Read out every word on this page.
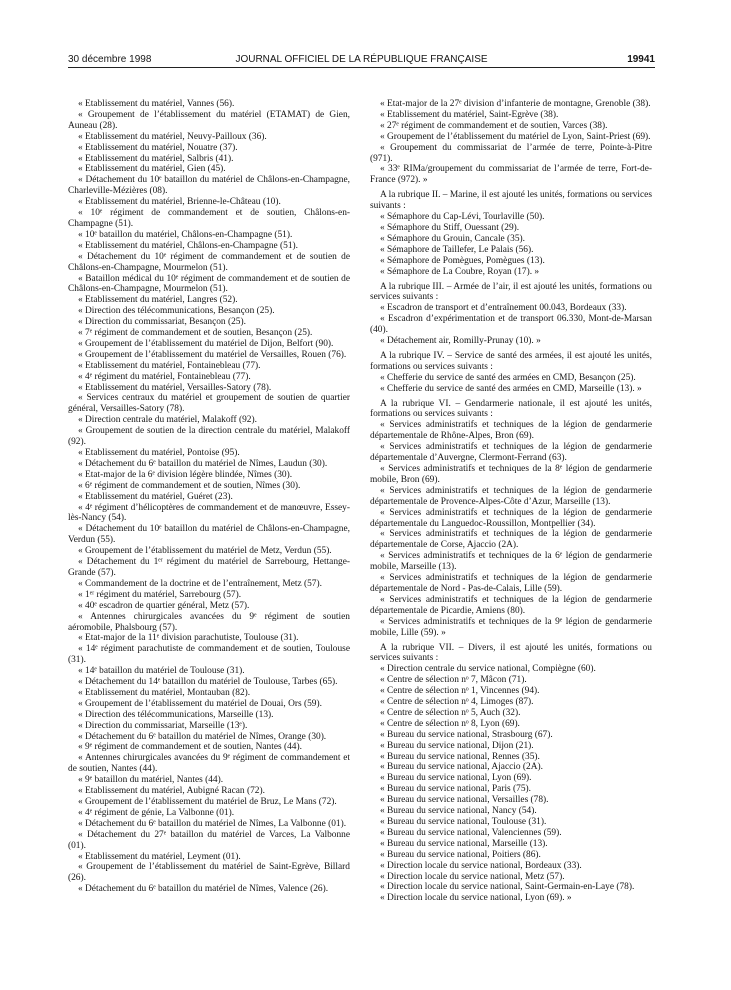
30 décembre 1998	JOURNAL OFFICIEL DE LA RÉPUBLIQUE FRANÇAISE	19941

« Etablissement du matériel, Vannes (56).

« Groupement de l’établissement du matériel (ETAMAT) de Gien, Auneau (28).

« Etablissement du matériel, Neuvy-Pailloux (36).

« Etablissement du matériel, Nouatre (37).

« Etablissement du matériel, Salbris (41).

« Etablissement du matériel, Gien (45).

« Détachement du 10ᵉ bataillon du matériel de Châlons-en-Champagne, Charleville-Mézières (08).

« Etablissement du matériel, Brienne-le-Château (10).

« 10ᵉ régiment de commandement et de soutien, Châlons-en-Champagne (51).

« 10ᵉ bataillon du matériel, Châlons-en-Champagne (51).

« Etablissement du matériel, Châlons-en-Champagne (51).

« Détachement du 10ᵉ régiment de commandement et de soutien de Châlons-en-Champagne, Mourmelon (51).

« Bataillon médical du 10ᵉ régiment de commandement et de soutien de Châlons-en-Champagne, Mourmelon (51).

« Etablissement du matériel, Langres (52).

« Direction des télécommunications, Besançon (25).

« Direction du commissariat, Besançon (25).

« 7ᵉ régiment de commandement et de soutien, Besançon (25).

« Groupement de l’établissement du matériel de Dijon, Belfort (90).

« Groupement de l’établissement du matériel de Versailles, Rouen (76).

« Etablissement du matériel, Fontainebleau (77).

« 4ᵉ régiment du matériel, Fontainebleau (77).

« Etablissement du matériel, Versailles-Satory (78).

« Services centraux du matériel et groupement de soutien de quartier général, Versailles-Satory (78).

« Direction centrale du matériel, Malakoff (92).

« Groupement de soutien de la direction centrale du matériel, Malakoff (92).

« Etablissement du matériel, Pontoise (95).

« Détachement du 6ᵉ bataillon du matériel de Nîmes, Laudun (30).

« Etat-major de la 6ᵉ division légère blindée, Nîmes (30).

« 6ᵉ régiment de commandement et de soutien, Nîmes (30).

« Etablissement du matériel, Guéret (23).

« 4ᵉ régiment d’hélicoptères de commandement et de manœuvre, Essey-lès-Nancy (54).

« Détachement du 10ᵉ bataillon du matériel de Châlons-en-Champagne, Verdun (55).

« Groupement de l’établissement du matériel de Metz, Verdun (55).

« Détachement du 1ᵉʳ régiment du matériel de Sarrebourg, Hettange-Grande (57).

« Commandement de la doctrine et de l’entraînement, Metz (57).

« 1ᵉʳ régiment du matériel, Sarrebourg (57).

« 40ᵉ escadron de quartier général, Metz (57).

« Antennes chirurgicales avancées du 9ᵉ régiment de soutien aéromobile, Phalsbourg (57).

« Etat-major de la 11ᵉ division parachutiste, Toulouse (31).

« 14ᵉ régiment parachutiste de commandement et de soutien, Toulouse (31).

« 14ᵉ bataillon du matériel de Toulouse (31).

« Détachement du 14ᵉ bataillon du matériel de Toulouse, Tarbes (65).

« Etablissement du matériel, Montauban (82).

« Groupement de l’établissement du matériel de Douai, Ors (59).

« Direction des télécommunications, Marseille (13).

« Direction du commissariat, Marseille (13ᵉ).

« Détachement du 6ᵉ bataillon du matériel de Nîmes, Orange (30).

« 9ᵉ régiment de commandement et de soutien, Nantes (44).

« Antennes chirurgicales avancées du 9ᵉ régiment de commandement et de soutien, Nantes (44).

« 9ᵉ bataillon du matériel, Nantes (44).

« Etablissement du matériel, Aubigné Racan (72).

« Groupement de l’établissement du matériel de Bruz, Le Mans (72).

« 4ᵉ régiment de génie, La Valbonne (01).

« Détachement du 6ᵉ bataillon du matériel de Nîmes, La Valbonne (01).

« Détachement du 27ᵉ bataillon du matériel de Varces, La Valbonne (01).

« Etablissement du matériel, Leyment (01).

« Groupement de l’établissement du matériel de Saint-Egrève, Billard (26).

« Détachement du 6ᵉ bataillon du matériel de Nîmes, Valence (26).

« Etat-major de la 27ᵉ division d’infanterie de montagne, Grenoble (38).

« Etablissement du matériel, Saint-Egrève (38).

« 27ᵉ régiment de commandement et de soutien, Varces (38).

« Groupement de l’établissement du matériel de Lyon, Saint-Priest (69).

« Groupement du commissariat de l’armée de terre, Pointe-à-Pitre (971).

« 33ᵉ RIMa/groupement du commissariat de l’armée de terre, Fort-de-France (972). »

A la rubrique II. – Marine, il est ajouté les unités, formations ou services suivants :

« Sémaphore du Cap-Lévi, Tourlaville (50).

« Sémaphore du Stiff, Ouessant (29).

« Sémaphore du Grouin, Cancale (35).

« Sémaphore de Taillefer, Le Palais (56).

« Sémaphore de Pomègues, Pomègues (13).

« Sémaphore de La Coubre, Royan (17). »

A la rubrique III. – Armée de l’air, il est ajouté les unités, formations ou services suivants :

« Escadron de transport et d’entraînement 00.043, Bordeaux (33).

« Escadron d’expérimentation et de transport 06.330, Mont-de-Marsan (40).

« Détachement air, Romilly-Prunay (10). »

A la rubrique IV. – Service de santé des armées, il est ajouté les unités, formations ou services suivants :

« Chefferie du service de santé des armées en CMD, Besançon (25).

« Chefferie du service de santé des armées en CMD, Marseille (13). »

A la rubrique VI. – Gendarmerie nationale, il est ajouté les unités, formations ou services suivants :

« Services administratifs et techniques de la légion de gendarmerie départementale de Rhône-Alpes, Bron (69).

« Services administratifs et techniques de la légion de gendarmerie départementale d’Auvergne, Clermont-Ferrand (63).

« Services administratifs et techniques de la 8ᵉ légion de gendarmerie mobile, Bron (69).

« Services administratifs et techniques de la légion de gendarmerie départementale de Provence-Alpes-Côte d’Azur, Marseille (13).

« Services administratifs et techniques de la légion de gendarmerie départementale du Languedoc-Roussillon, Montpellier (34).

« Services administratifs et techniques de la légion de gendarmerie départementale de Corse, Ajaccio (2A).

« Services administratifs et techniques de la 6ᵉ légion de gendarmerie mobile, Marseille (13).

« Services administratifs et techniques de la légion de gendarmerie départementale de Nord - Pas-de-Calais, Lille (59).

« Services administratifs et techniques de la légion de gendarmerie départementale de Picardie, Amiens (80).

« Services administratifs et techniques de la 9ᵉ légion de gendarmerie mobile, Lille (59). »

A la rubrique VII. – Divers, il est ajouté les unités, formations ou services suivants :

« Direction centrale du service national, Compiègne (60).

« Centre de sélection nᵒ 7, Mâcon (71).

« Centre de sélection nᵒ 1, Vincennes (94).

« Centre de sélection nᵒ 4, Limoges (87).

« Centre de sélection nᵒ 5, Auch (32).

« Centre de sélection nᵒ 8, Lyon (69).

« Bureau du service national, Strasbourg (67).

« Bureau du service national, Dijon (21).

« Bureau du service national, Rennes (35).

« Bureau du service national, Ajaccio (2A).

« Bureau du service national, Lyon (69).

« Bureau du service national, Paris (75).

« Bureau du service national, Versailles (78).

« Bureau du service national, Nancy (54).

« Bureau du service national, Toulouse (31).

« Bureau du service national, Valenciennes (59).

« Bureau du service national, Marseille (13).

« Bureau du service national, Poitiers (86).

« Direction locale du service national, Bordeaux (33).

« Direction locale du service national, Metz (57).

« Direction locale du service national, Saint-Germain-en-Laye (78).

« Direction locale du service national, Lyon (69). »
